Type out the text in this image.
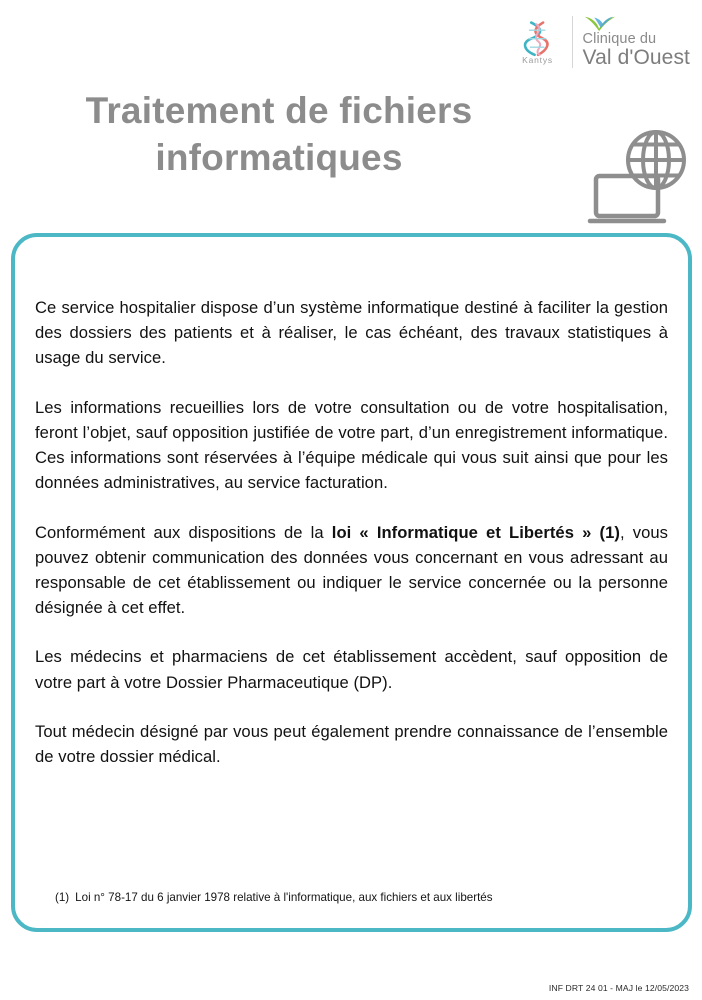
Kantys
Clinique du
Val d'Ouest
Traitement de fichiers
informatiques

Ce service hospitalier dispose d’un système informatique destiné à faciliter la gestion des dossiers des patients et à réaliser, le cas échéant, des travaux statistiques à usage du service.

Les informations recueillies lors de votre consultation ou de votre hospitalisation, feront l’objet, sauf opposition justifiée de votre part, d’un enregistrement informatique. Ces informations sont réservées à l’équipe médicale qui vous suit ainsi que pour les données administratives, au service facturation.

Conformément aux dispositions de la loi « Informatique et Libertés » (1), vous pouvez obtenir communication des données vous concernant en vous adressant au responsable de cet établissement ou indiquer le service concernée ou la personne désignée à cet effet.

Les médecins et pharmaciens de cet établissement accèdent, sauf opposition de votre part à votre Dossier Pharmaceutique (DP).

Tout médecin désigné par vous peut également prendre connaissance de l’ensemble de votre dossier médical.

(1) Loi n° 78-17 du 6 janvier 1978 relative à l'informatique, aux fichiers et aux libertés
INF DRT 24 01 - MAJ le 12/05/2023
